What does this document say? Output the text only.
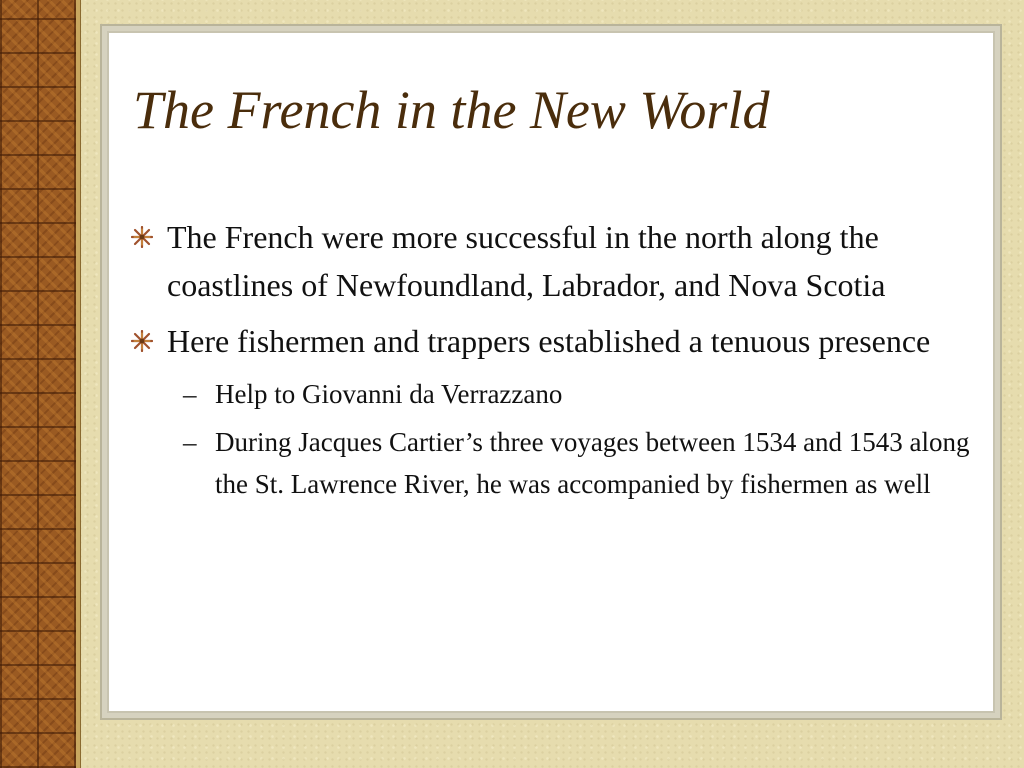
The French in the New World
The French were more successful in the north along the coastlines of Newfoundland, Labrador, and Nova Scotia
Here fishermen and trappers established a tenuous presence
– Help to Giovanni da Verrazzano
– During Jacques Cartier’s three voyages between 1534 and 1543 along the St. Lawrence River, he was accompanied by fishermen as well
